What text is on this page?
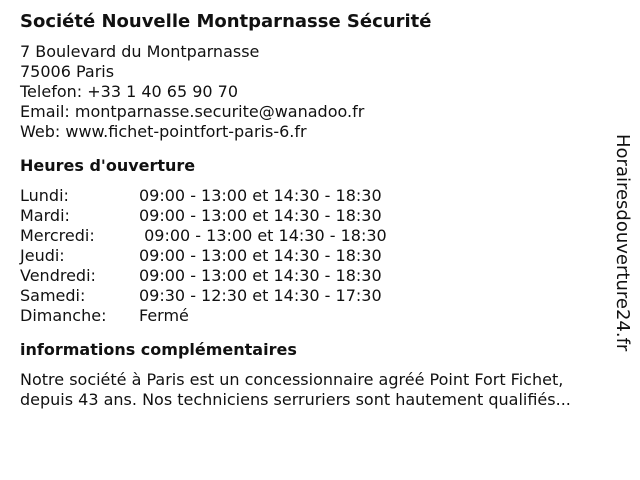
Société Nouvelle Montparnasse Sécurité
7 Boulevard du Montparnasse
75006 Paris
Telefon: +33 1 40 65 90 70
Email: montparnasse.securite@wanadoo.fr
Web: www.fichet-pointfort-paris-6.fr
Heures d'ouverture
Lundi:	09:00 - 13:00 et 14:30 - 18:30
Mardi:	09:00 - 13:00 et 14:30 - 18:30
Mercredi:	09:00 - 13:00 et 14:30 - 18:30
Jeudi:	09:00 - 13:00 et 14:30 - 18:30
Vendredi:	09:00 - 13:00 et 14:30 - 18:30
Samedi:	09:30 - 12:30 et 14:30 - 17:30
Dimanche:	Fermé
informations complémentaires
Notre société à Paris est un concessionnaire agréé Point Fort Fichet, depuis 43 ans. Nos techniciens serruriers sont hautement qualifiés...
Horairesdouverture24.fr
